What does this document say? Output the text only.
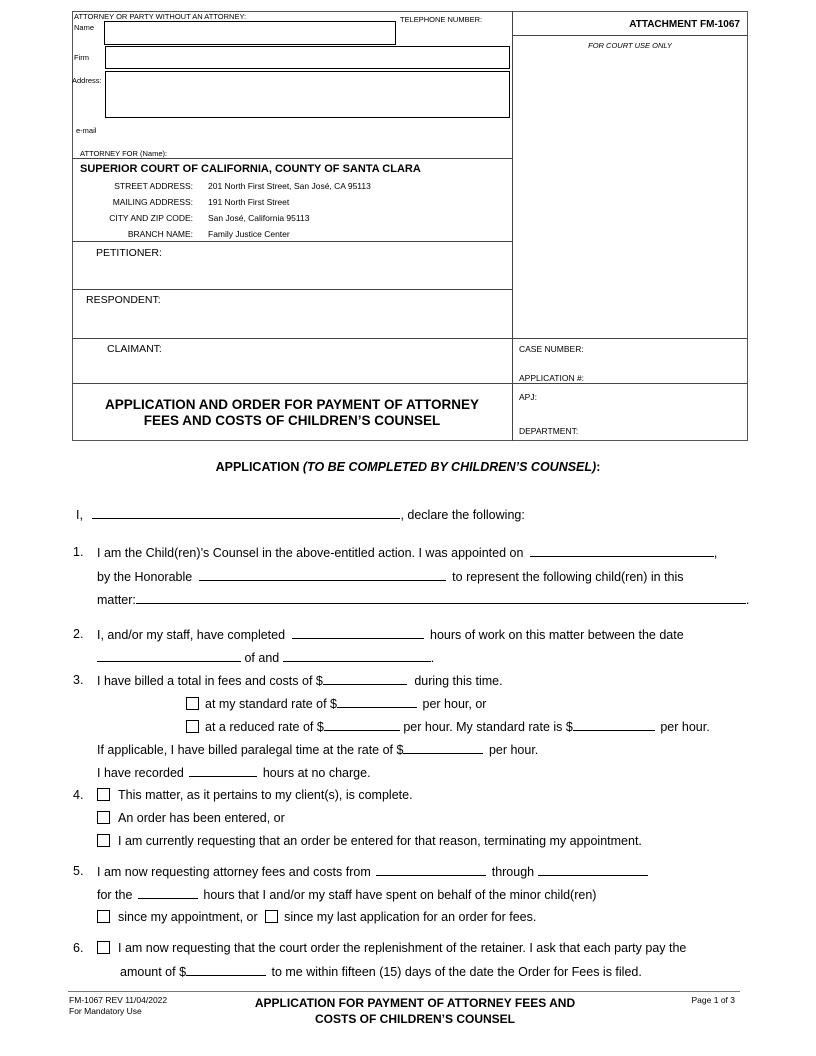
ATTORNEY OR PARTY WITHOUT AN ATTORNEY:	TELEPHONE NUMBER:
Name
Firm
Address:
e-mail
ATTORNEY FOR (Name):
ATTACHMENT FM-1067
FOR COURT USE ONLY
SUPERIOR COURT OF CALIFORNIA, COUNTY OF SANTA CLARA
STREET ADDRESS: 201 North First Street, San José, CA 95113
MAILING ADDRESS: 191 North First Street
CITY AND ZIP CODE: San José, California 95113
BRANCH NAME: Family Justice Center
PETITIONER:
RESPONDENT:
CLAIMANT:	CASE NUMBER:
APPLICATION #:
APJ:
DEPARTMENT:
APPLICATION AND ORDER FOR PAYMENT OF ATTORNEY
FEES AND COSTS OF CHILDREN’S COUNSEL
APPLICATION (TO BE COMPLETED BY CHILDREN’S COUNSEL):
I,	, declare the following:
1. I am the Child(ren)’s Counsel in the above-entitled action. I was appointed on	,
by the Honorable	to represent the following child(ren) in this
matter:	.
2. I, and/or my staff, have completed	hours of work on this matter between the date
of and	.
3. I have billed a total in fees and costs of $	during this time.
at my standard rate of $	per hour, or
at a reduced rate of $	per hour. My standard rate is $	per hour.
If applicable, I have billed paralegal time at the rate of $	per hour.
I have recorded	hours at no charge.
4.	This matter, as it pertains to my client(s), is complete.
An order has been entered, or
I am currently requesting that an order be entered for that reason, terminating my appointment.
5. I am now requesting attorney fees and costs from	through
for the	hours that I and/or my staff have spent on behalf of the minor child(ren)
since my appointment, or since my last application for an order for fees.
6.	I am now requesting that the court order the replenishment of the retainer. I ask that each party pay the
amount of $	to me within fifteen (15) days of the date the Order for Fees is filed.
FM-1067 REV 11/04/2022
For Mandatory Use
APPLICATION FOR PAYMENT OF ATTORNEY FEES AND
COSTS OF CHILDREN’S COUNSEL
Page 1 of 3
